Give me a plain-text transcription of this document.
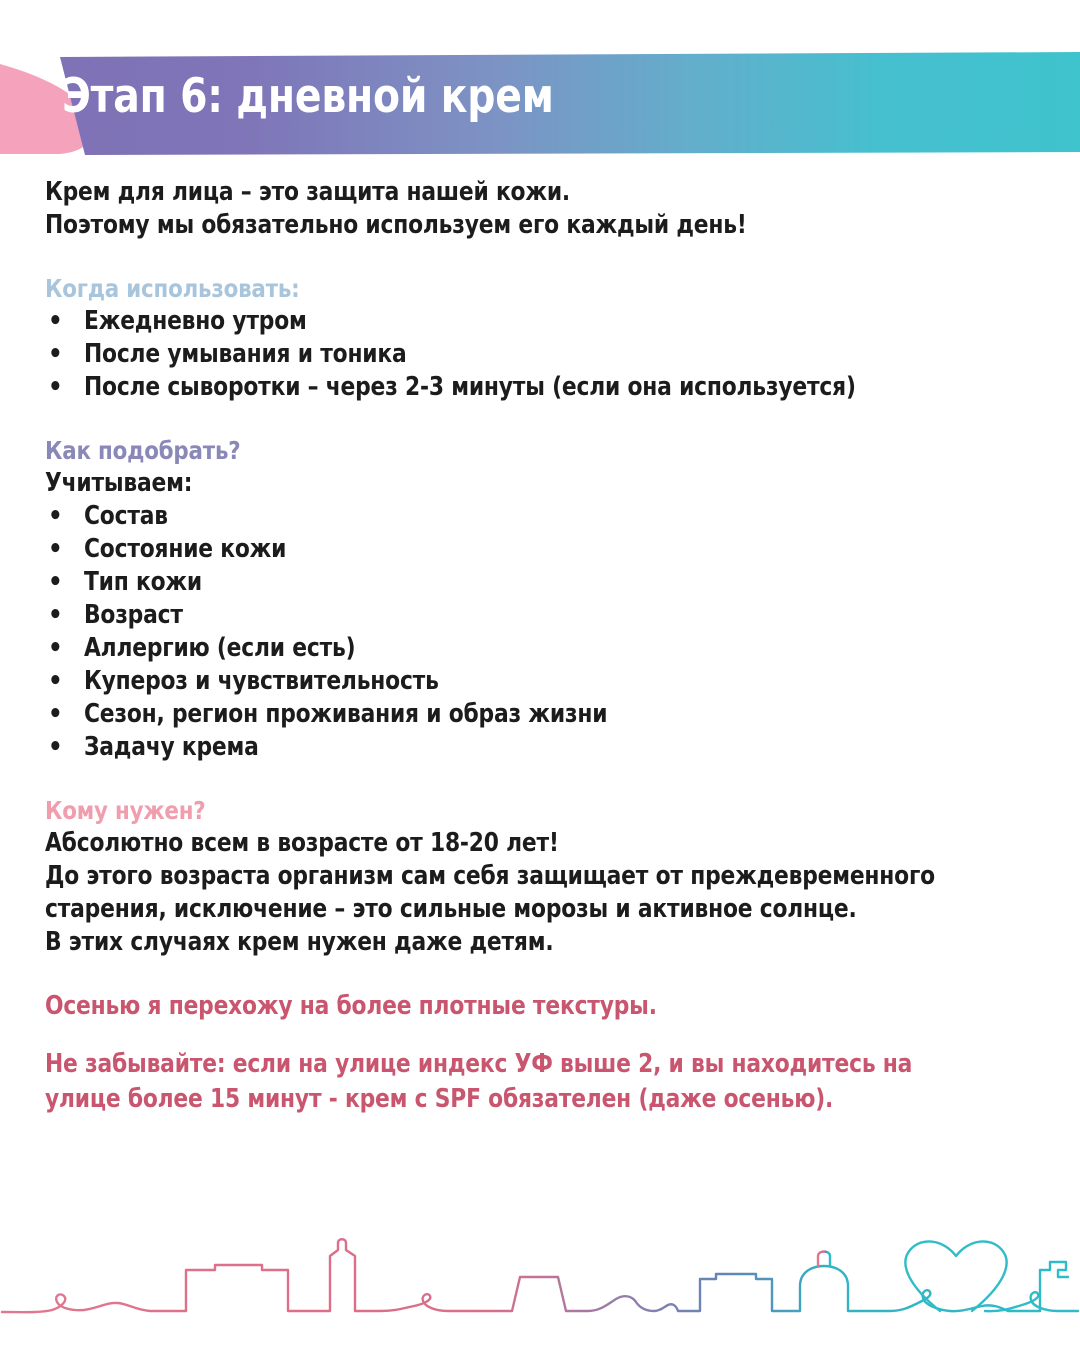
Этап 6: дневной крем
Крем для лица – это защита нашей кожи.
Поэтому мы обязательно используем его каждый день!
Когда использовать:
• Ежедневно утром
• После умывания и тоника
• После сыворотки – через 2-3 минуты (если она используется)
Как подобрать?
Учитываем:
• Состав
• Состояние кожи
• Тип кожи
• Возраст
• Аллергию (если есть)
• Купероз и чувствительность
• Сезон, регион проживания и образ жизни
• Задачу крема
Кому нужен?
Абсолютно всем в возрасте от 18-20 лет!
До этого возраста организм сам себя защищает от преждевременного
старения, исключение – это сильные морозы и активное солнце.
В этих случаях крем нужен даже детям.
Осенью я перехожу на более плотные текстуры.
Не забывайте: если на улице индекс УФ выше 2, и вы находитесь на
улице более 15 минут - крем с SPF обязателен (даже осенью).
